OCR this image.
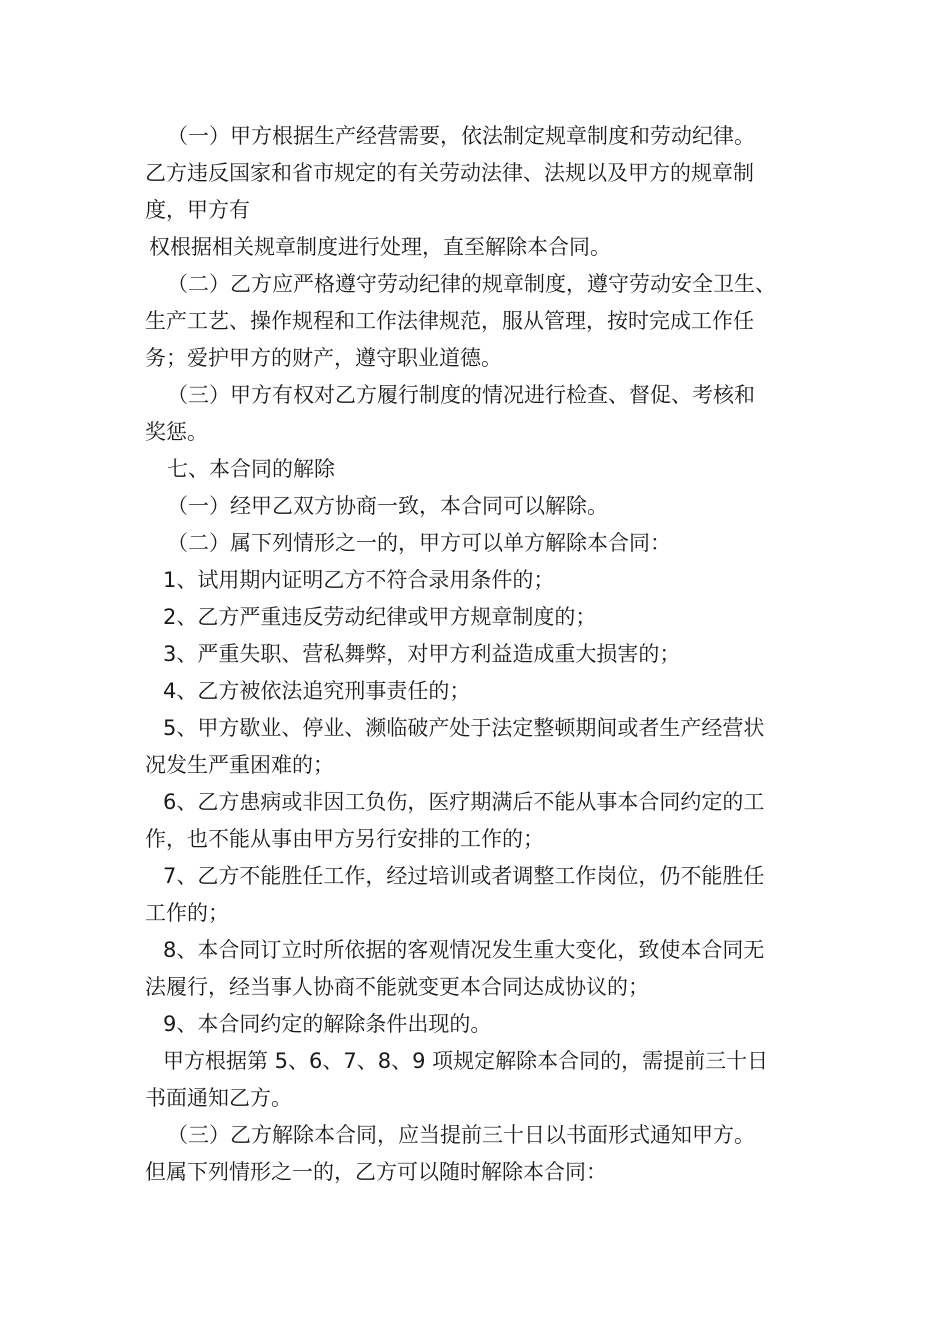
（一）甲方根据生产经营需要，依法制定规章制度和劳动纪律。
乙方违反国家和省市规定的有关劳动法律、法规以及甲方的规章制
度，甲方有
权根据相关规章制度进行处理，直至解除本合同。
（二）乙方应严格遵守劳动纪律的规章制度，遵守劳动安全卫生、
生产工艺、操作规程和工作法律规范，服从管理，按时完成工作任
务；爱护甲方的财产，遵守职业道德。
（三）甲方有权对乙方履行制度的情况进行检查、督促、考核和
奖惩。
七、本合同的解除
（一）经甲乙双方协商一致，本合同可以解除。
（二）属下列情形之一的，甲方可以单方解除本合同：
1、试用期内证明乙方不符合录用条件的；
2、乙方严重违反劳动纪律或甲方规章制度的；
3、严重失职、营私舞弊，对甲方利益造成重大损害的；
4、乙方被依法追究刑事责任的；
5、甲方歇业、停业、濒临破产处于法定整顿期间或者生产经营状
况发生严重困难的；
6、乙方患病或非因工负伤，医疗期满后不能从事本合同约定的工
作，也不能从事由甲方另行安排的工作的；
7、乙方不能胜任工作，经过培训或者调整工作岗位，仍不能胜任
工作的；
8、本合同订立时所依据的客观情况发生重大变化，致使本合同无
法履行，经当事人协商不能就变更本合同达成协议的；
9、本合同约定的解除条件出现的。
甲方根据第 5、6、7、8、9 项规定解除本合同的，需提前三十日
书面通知乙方。
（三）乙方解除本合同，应当提前三十日以书面形式通知甲方。
但属下列情形之一的，乙方可以随时解除本合同：
